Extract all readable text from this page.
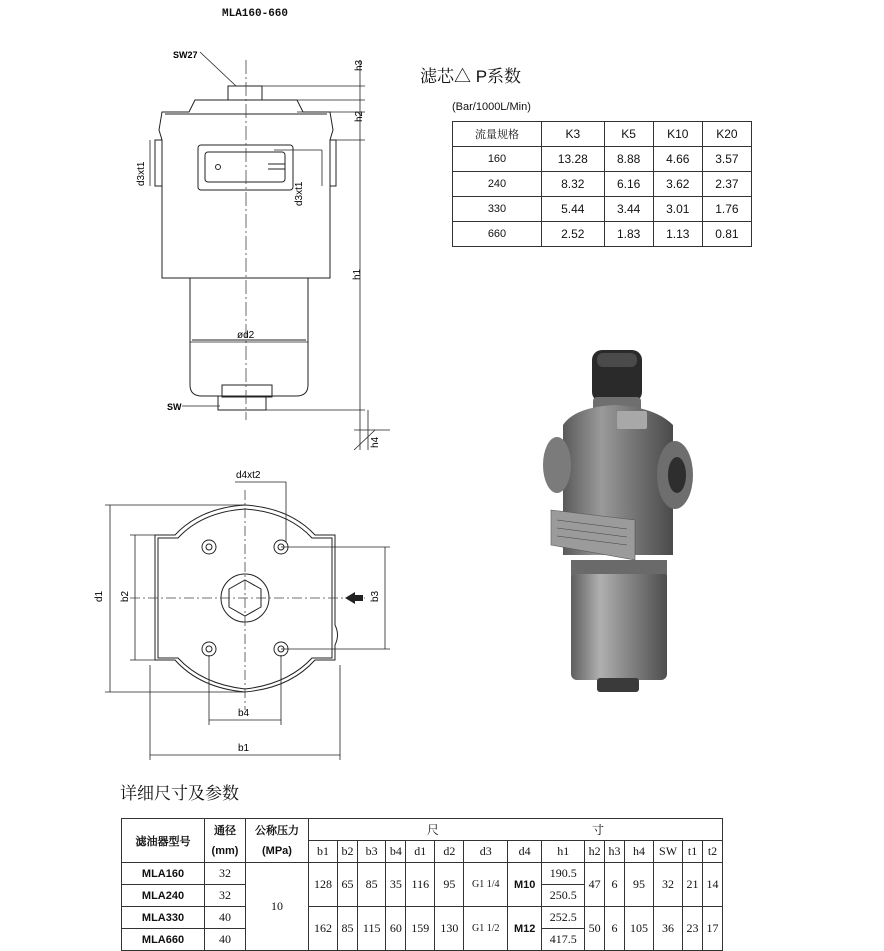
MLA160-660
SW27
h3
h2
d3xt1
d3xt1
h1
ød2
SW
h4
d4xt2
d1 b2	b3
b4
b1
滤芯△ P系数
(Bar/1000L/Min)
流量规格	K3	K5	K10	K20
160	13.28	8.88	4.66	3.57
240	8.32	6.16	3.62	2.37
330	5.44	3.44	3.01	1.76
660	2.52	1.83	1.13	0.81
详细尺寸及参数
滤油器型号	通径	公称压力	尺 寸														
	(mm)	(MPa)	b1	b2	b3	b4	d1	d2	d3	d4	h1	h2	h3	h4	SW	t1	t2
MLA160	32	10	128	65	85	35	116	95	G1 1/4	M10	190.5	47	6	95	32	21	14
MLA240	32										250.5						
MLA330	40		162	85	115	60	159	130	G1 1/2	M12	252.5	50	6	105	36	23	17
MLA660	40										417.5						
